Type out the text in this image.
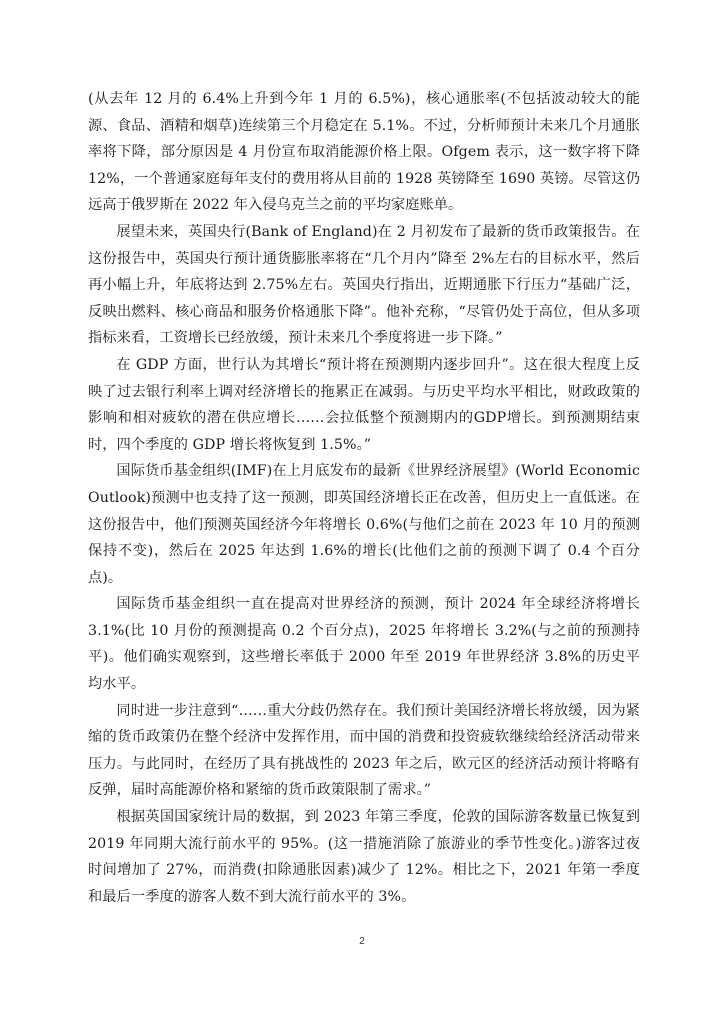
(从去年 12 月的 6.4%上升到今年 1 月的 6.5%)，核心通胀率(不包括波动较大的能源、食品、酒精和烟草)连续第三个月稳定在 5.1%。不过，分析师预计未来几个月通胀率将下降，部分原因是 4 月份宣布取消能源价格上限。Ofgem 表示，这一数字将下降 12%，一个普通家庭每年支付的费用将从目前的 1928 英镑降至 1690 英镑。尽管这仍远高于俄罗斯在 2022 年入侵乌克兰之前的平均家庭账单。

展望未来，英国央行(Bank of England)在 2 月初发布了最新的货币政策报告。在这份报告中，英国央行预计通货膨胀率将在“几个月内”降至 2%左右的目标水平，然后再小幅上升，年底将达到 2.75%左右。英国央行指出，近期通胀下行压力“基础广泛，反映出燃料、核心商品和服务价格通胀下降”。他补充称，“尽管仍处于高位，但从多项指标来看，工资增长已经放缓，预计未来几个季度将进一步下降。”

在 GDP 方面，世行认为其增长“预计将在预测期内逐步回升”。这在很大程度上反映了过去银行利率上调对经济增长的拖累正在减弱。与历史平均水平相比，财政政策的影响和相对疲软的潜在供应增长……会拉低整个预测期内的GDP增长。到预测期结束时，四个季度的 GDP 增长将恢复到 1.5%。”

国际货币基金组织(IMF)在上月底发布的最新《世界经济展望》(World Economic Outlook)预测中也支持了这一预测，即英国经济增长正在改善，但历史上一直低迷。在这份报告中，他们预测英国经济今年将增长 0.6%(与他们之前在 2023 年 10 月的预测保持不变)，然后在 2025 年达到 1.6%的增长(比他们之前的预测下调了 0.4 个百分点)。

国际货币基金组织一直在提高对世界经济的预测，预计 2024 年全球经济将增长 3.1%(比 10 月份的预测提高 0.2 个百分点)，2025 年将增长 3.2%(与之前的预测持平)。他们确实观察到，这些增长率低于 2000 年至 2019 年世界经济 3.8%的历史平均水平。

同时进一步注意到“……重大分歧仍然存在。我们预计美国经济增长将放缓，因为紧缩的货币政策仍在整个经济中发挥作用，而中国的消费和投资疲软继续给经济活动带来压力。与此同时，在经历了具有挑战性的 2023 年之后，欧元区的经济活动预计将略有反弹，届时高能源价格和紧缩的货币政策限制了需求。”

根据英国国家统计局的数据，到 2023 年第三季度，伦敦的国际游客数量已恢复到 2019 年同期大流行前水平的 95%。(这一措施消除了旅游业的季节性变化。)游客过夜时间增加了 27%，而消费(扣除通胀因素)减少了 12%。相比之下，2021 年第一季度和最后一季度的游客人数不到大流行前水平的 3%。

2
